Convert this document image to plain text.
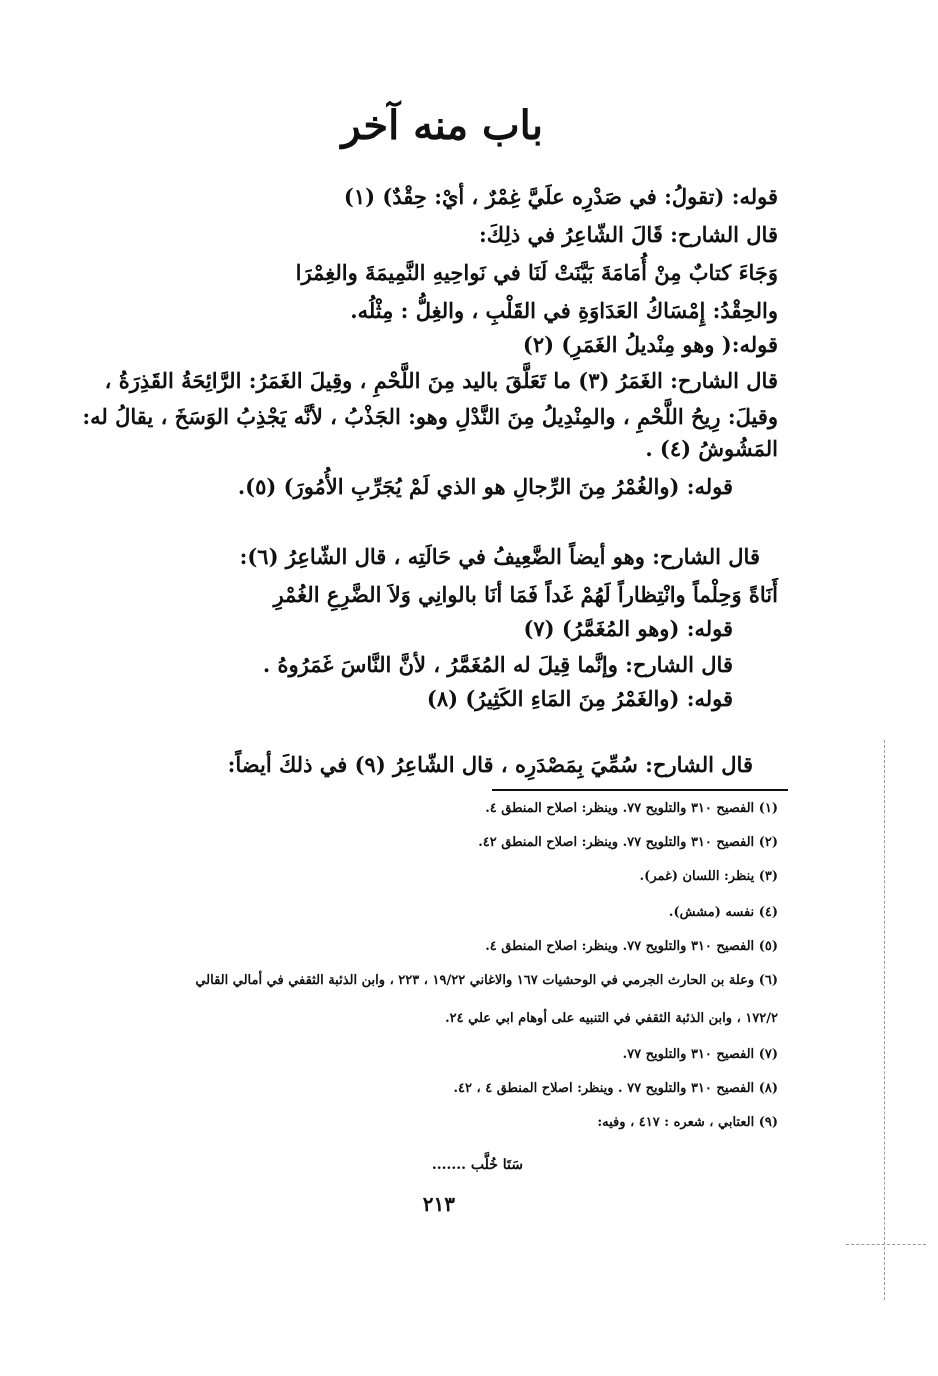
باب منه آخر
قوله: (تقولُ: في صَدْرِه علَيَّ غِمْرٌ ، أيْ: حِقْدٌ) (١)
قال الشارح: قَالَ الشّاعِرُ في ذلِكَ:
وَجَاءَ كتابٌ مِنْ أُمَامَةَ بَيَّنَتْ لَنَا في نَواحِيهِ النَّمِيمَةَ والغِمْرَا
والحِقْدُ: إِمْسَاكُ العَدَاوَةِ في القَلْبِ ، والغِلُّ : مِثْلُه.
قوله:( وهو مِنْديلُ الغَمَرِ) (٢)
قال الشارح: الغَمَرُ (٣) ما تَعَلَّقَ باليد مِنَ اللَّحْمِ ، وقِيلَ الغَمَرُ: الرَّائِحَةُ القَذِرَةُ ،
وقيلَ: رِيحُ اللَّحْمِ ، والمِنْدِيلُ مِنَ النَّدْلِ وهو: الجَذْبُ ، لأنَّه يَجْذِبُ الوَسَخَ ، يقالُ له:
المَشُوشُ (٤) .
قوله: (والغُمْرُ مِنَ الرِّجالِ هو الذي لَمْ يُجَرِّبِ الأُمُورَ) (٥).
قال الشارح: وهو أيضاً الضَّعِيفُ في حَالَتِه ، قال الشّاعِرُ (٦):
أَنَاةً وَحِلْماً وانْتِظاراً لَهُمْ غَداً فَمَا أنَا بالوانِي وَلاَ الضَّرِعِ الغُمْرِ
قوله: (وهو المُغَمَّرُ) (٧)
قال الشارح: وإنَّما قِيلَ له المُغَمَّرُ ، لأنَّ النَّاسَ غَمَرُوهُ .
قوله: (والغَمْرُ مِنَ المَاءِ الكَثِيرُ) (٨)
قال الشارح: سُمِّيَ بِمَصْدَرِه ، قال الشّاعِرُ (٩) في ذلكَ أيضاً:
(١) الفصيح ٣١٠ والتلويح ٧٧. وينظر: اصلاح المنطق ٤.
(٢) الفصيح ٣١٠ والتلويح ٧٧. وينظر: اصلاح المنطق ٤٢.
(٣) ينظر: اللسان (غمر).
(٤) نفسه (مشش).
(٥) الفصيح ٣١٠ والتلويح ٧٧. وينظر: اصلاح المنطق ٤.
(٦) وعلة بن الحارث الجرمي في الوحشيات ١٦٧ والاغاني ١٩/٢٢ ، ٢٢٣ ، وابن الذئبة الثقفي في أمالي القالي
١٧٢/٢ ، وابن الذئبة الثقفي في التنبيه على أوهام ابي علي ٢٤.
(٧) الفصيح ٣١٠ والتلويح ٧٧.
(٨) الفصيح ٣١٠ والتلويح ٧٧ . وينظر: اصلاح المنطق ٤ ، ٤٢.
(٩) العتابي ، شعره : ٤١٧ ، وفيه:
سَتَا خُلَّب .......
٢١٣
